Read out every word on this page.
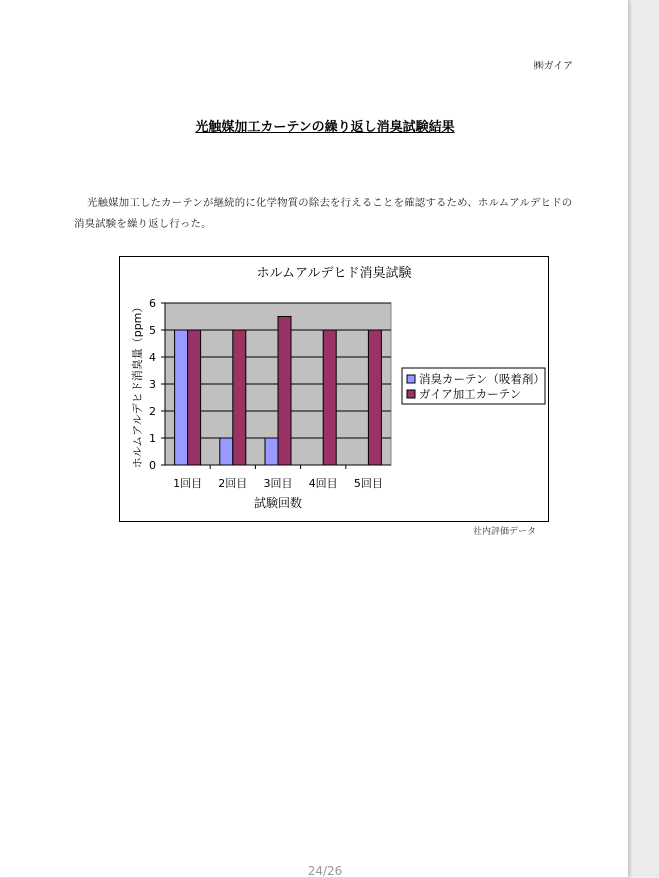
㈱ガイア
光触媒加工カーテンの繰り返し消臭試験結果
光触媒加工したカーテンが継続的に化学物質の除去を行えることを確認するため、ホルムアルデヒドの消臭試験を繰り返し行った。
ホルムアルデヒド消臭試験
0
1
2
3
4
5
6
1回目 2回目 3回目 4回目 5回目
試験回数
ホルムアルデヒド消臭量（ppm）	消臭カーテン（吸着剤）
ガイア加工カーテン
社内評価データ
24/26
